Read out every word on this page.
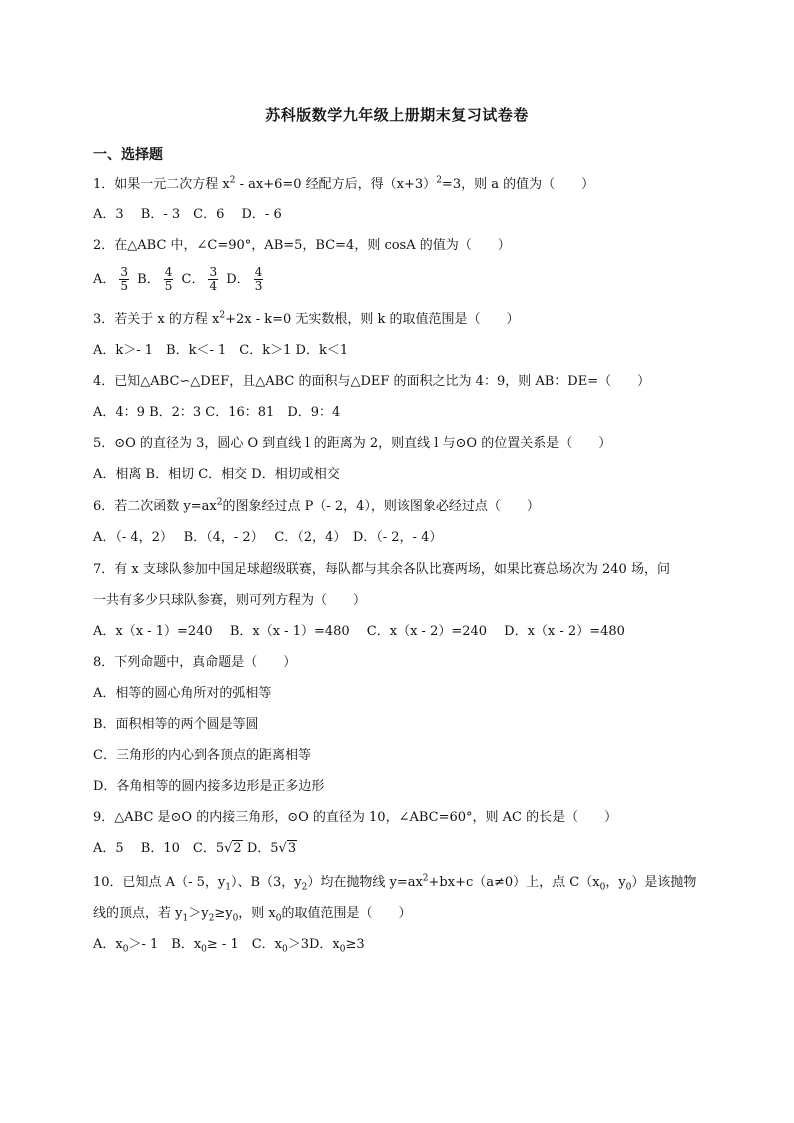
苏科版数学九年级上册期末复习试卷卷
一、选择题
1．如果一元二次方程 $x^2 - ax+6=0$ 经配方后，得$(x+3)^2=3$，则 a 的值为（　　）
A．3　 B．- 3　C．6　 D．- 6
2．在△ABC 中，∠C=90°，AB=5，BC=4，则 cosA 的值为（　　）
A． $\frac{3}{5}$ B． $\frac{4}{5}$ C． $\frac{3}{4}$ D． $\frac{4}{3}$
3．若关于 x 的方程 $x^2+2x - k=0$ 无实数根，则 k 的取值范围是（　　）
A．k＞- 1　B．k＜- 1　C．k＞1 D．k＜1
4．已知△ABC∽△DEF，且△ABC 的面积与△DEF 的面积之比为 4：9，则 AB：DE=（　　）
A．4：9 B．2：3 C．16：81　D．9：4
5．⊙O 的直径为 3，圆心 O 到直线 l 的距离为 2，则直线 l 与⊙O 的位置关系是（　　）
A．相离 B．相切 C．相交 D．相切或相交
6．若二次函数 $y=ax^2$的图象经过点 P（- 2，4），则该图象必经过点（　　）
A．（- 4，2）　 B．（4，- 2）　 C．（2，4）　D．（- 2，- 4）
7．有 x 支球队参加中国足球超级联赛，每队都与其余各队比赛两场，如果比赛总场次为 240 场，问
一共有多少只球队参赛，则可列方程为（　　）
A．x（x - 1）=240　 B．x（x - 1）=480　 C．x（x - 2）=240　 D．x（x - 2）=480
8．下列命题中，真命题是（　　）
A．相等的圆心角所对的弧相等
B．面积相等的两个圆是等圆
C．三角形的内心到各顶点的距离相等
D．各角相等的圆内接多边形是正多边形
9．△ABC 是⊙O 的内接三角形，⊙O 的直径为 10，∠ABC=60°，则 AC 的长是（　　）
A．5　 B．10　C．5√2 D．5√3
10．已知点 A（- 5，$y_1$）、B（3，$y_2$）均在抛物线 $y=ax^2+bx+c(a\ne 0)$上，点 $C(x_0$，$y_0$）是该抛物
线的顶点，若 $y_1>y_2\ge y_0$，则 $x_0$的取值范围是（　　）
A．$x_0>-$ 1　B．$x_0\ge - 1$　C．$x_0>3D$．$x_0\ge 3$
